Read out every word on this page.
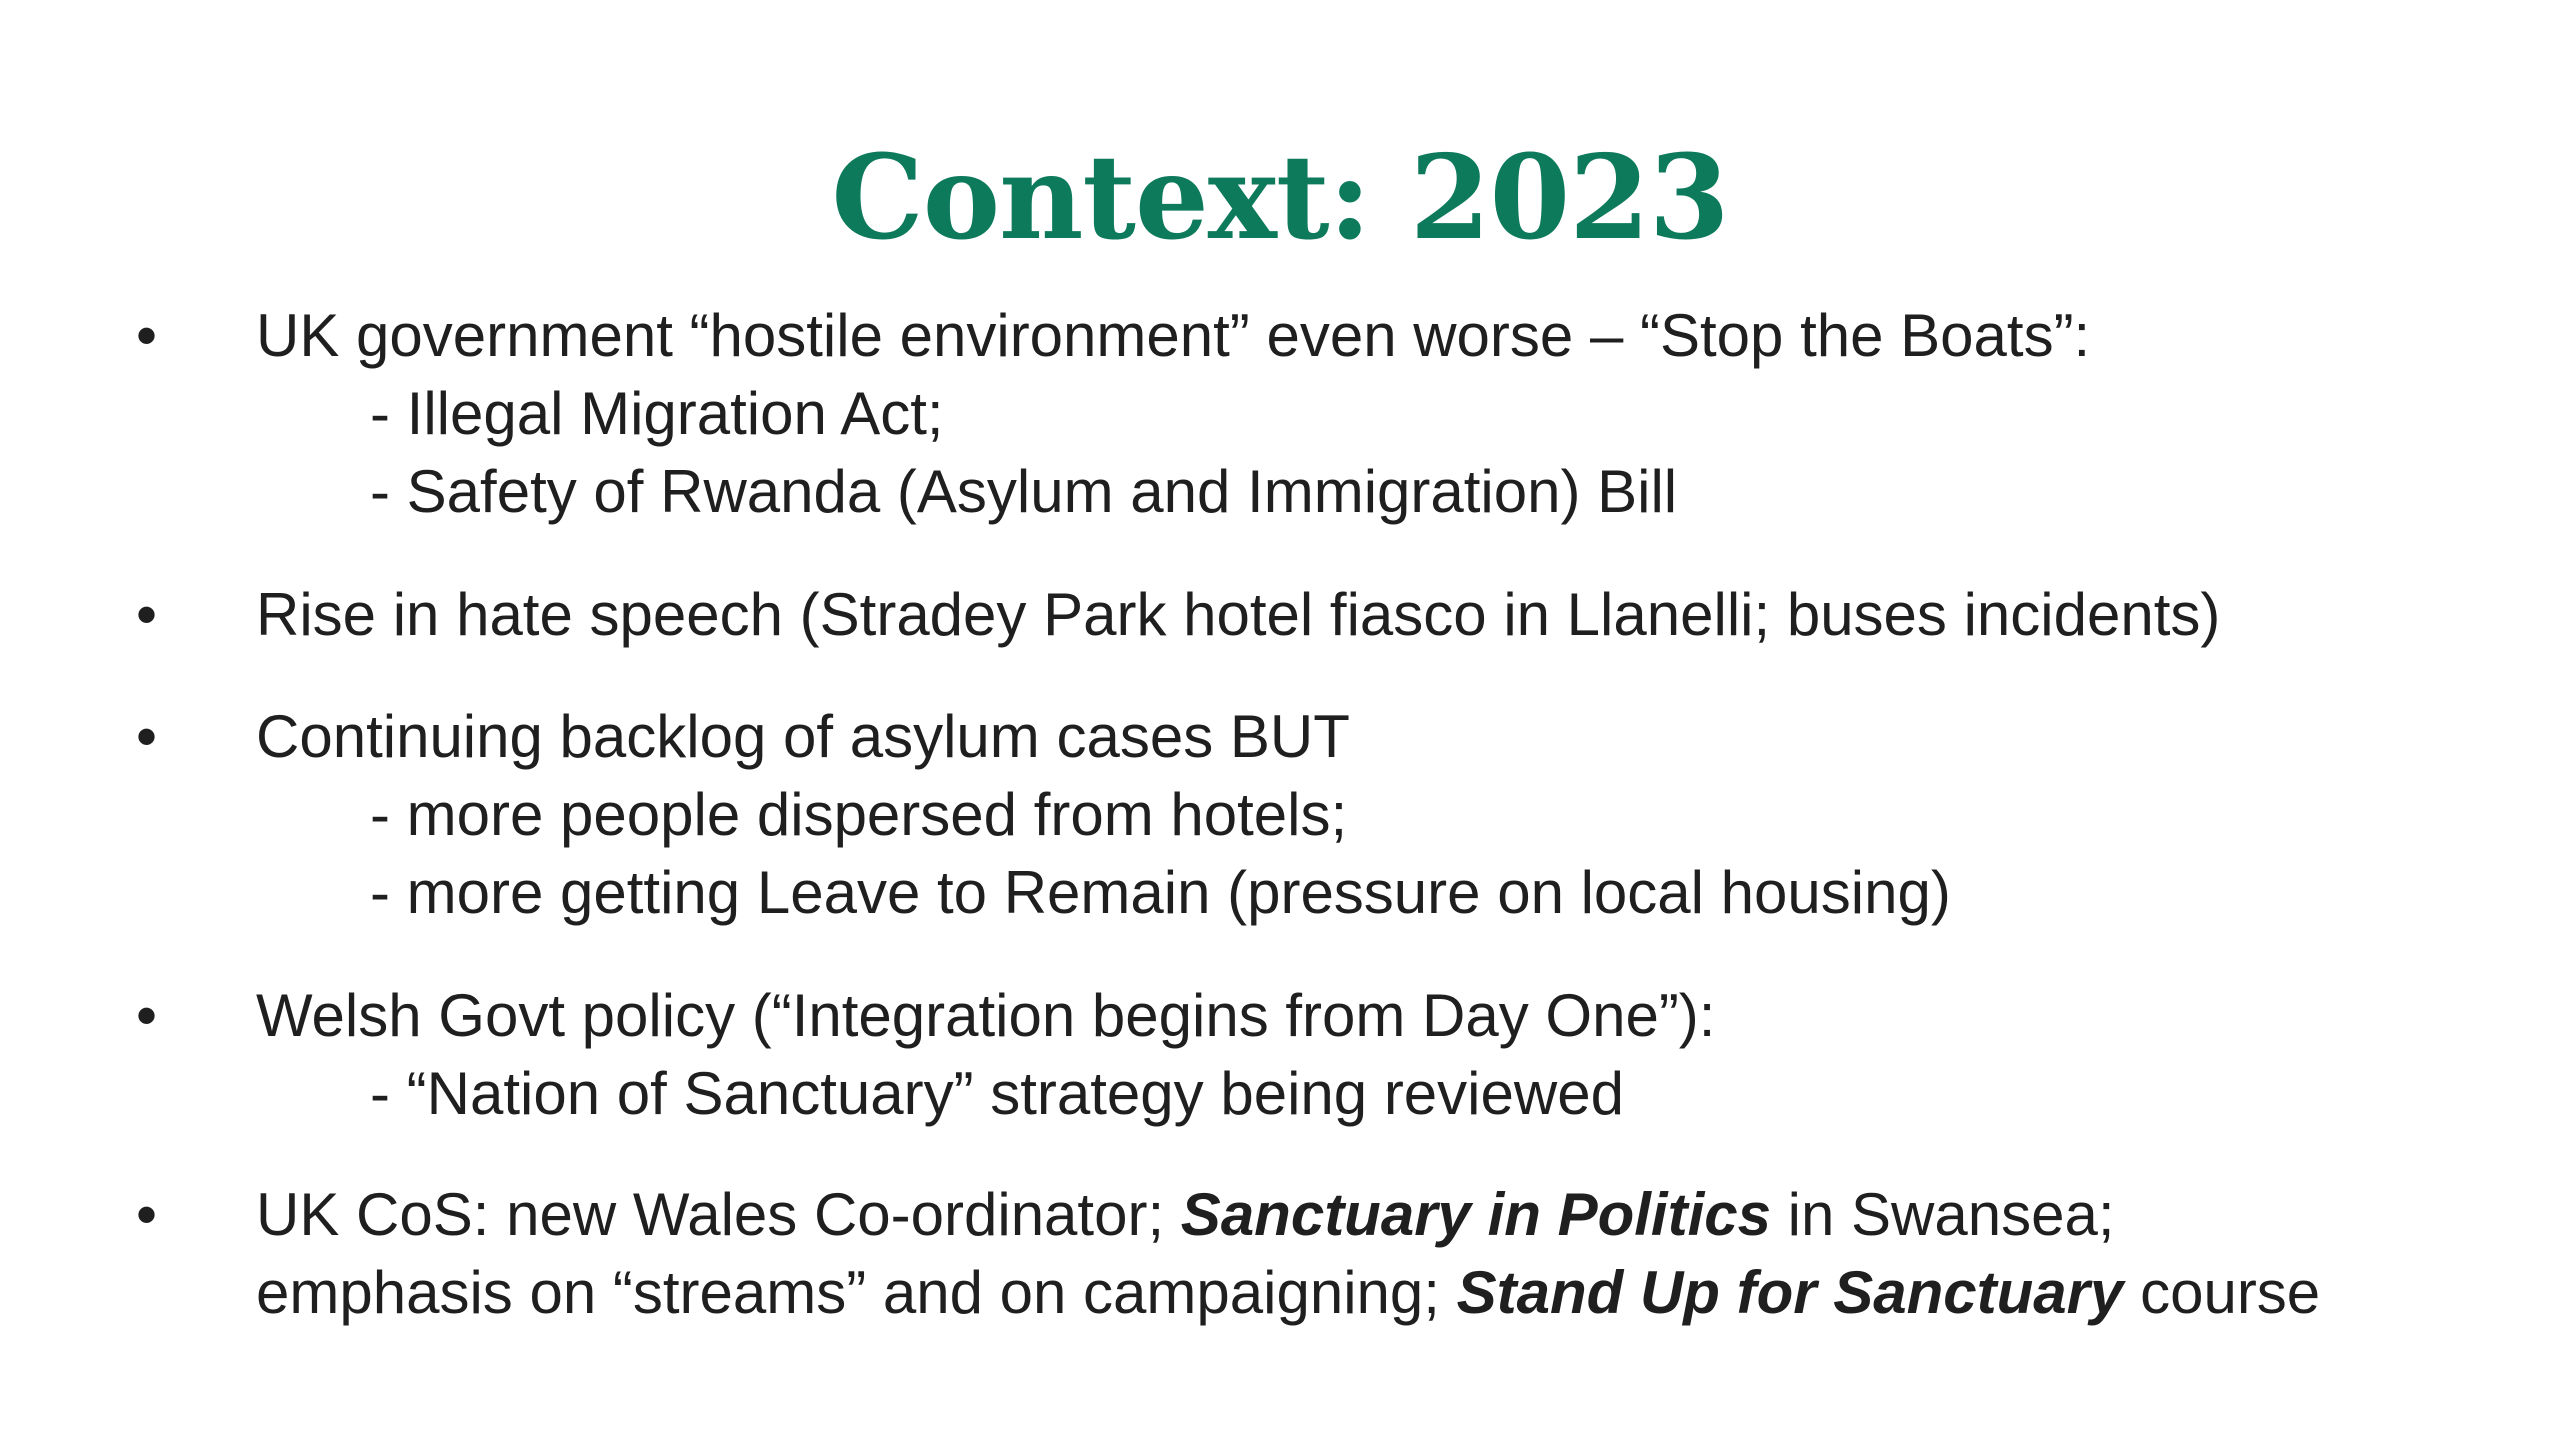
Context: 2023
• UK government “hostile environment” even worse – “Stop the Boats”:
- Illegal Migration Act;
- Safety of Rwanda (Asylum and Immigration) Bill
• Rise in hate speech (Stradey Park hotel fiasco in Llanelli; buses incidents)
• Continuing backlog of asylum cases BUT
- more people dispersed from hotels;
- more getting Leave to Remain (pressure on local housing)
• Welsh Govt policy (“Integration begins from Day One”):
- “Nation of Sanctuary” strategy being reviewed
• UK CoS: new Wales Co-ordinator; Sanctuary in Politics in Swansea;
emphasis on “streams” and on campaigning; Stand Up for Sanctuary course
